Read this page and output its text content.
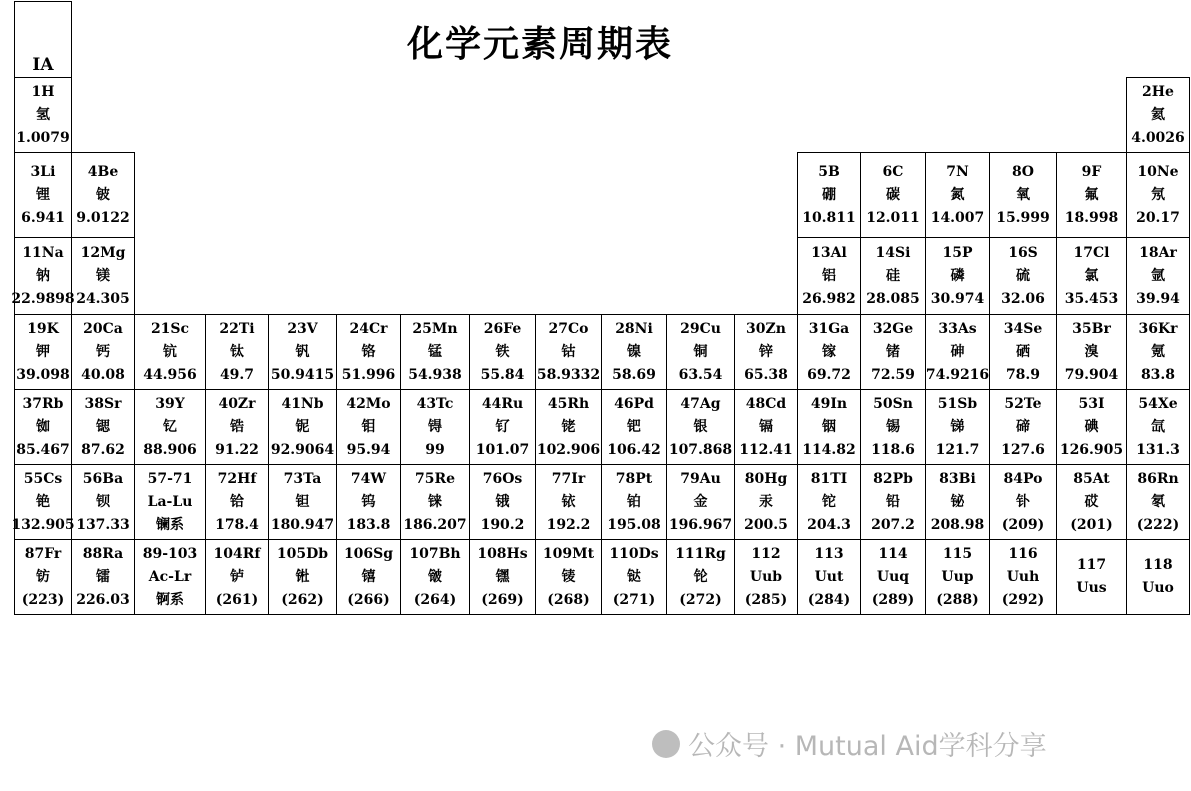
化学元素周期表
1H
氢
1.0079
2He
氦
4.0026
3Li
锂
6.941
4Be
铍
9.0122
5B
硼
10.811
6C
碳
12.011
7N
氮
14.007
8O
氧
15.999
9F
氟
18.998
10Ne
氖
20.17
11Na
钠
22.9898
12Mg
镁
24.305
13Al
铝
26.982
14Si
硅
28.085
15P
磷
30.974
16S
硫
32.06
17Cl
氯
35.453
18Ar
氩
39.94
19K
钾
39.098
20Ca
钙
40.08
21Sc
钪
44.956
22Ti
钛
49.7
23V
钒
50.9415
24Cr
铬
51.996
25Mn
锰
54.938
26Fe
铁
55.84
27Co
钴
58.9332
28Ni
镍
58.69
29Cu
铜
63.54
30Zn
锌
65.38
31Ga
镓
69.72
32Ge
锗
72.59
33As
砷
74.9216
34Se
硒
78.9
35Br
溴
79.904
36Kr
氪
83.8
37Rb
铷
85.467
38Sr
锶
87.62
39Y
钇
88.906
40Zr
锆
91.22
41Nb
铌
92.9064
42Mo
钼
95.94
43Tc
锝
99
44Ru
钌
101.07
45Rh
铑
102.906
46Pd
钯
106.42
47Ag
银
107.868
48Cd
镉
112.41
49In
铟
114.82
50Sn
锡
118.6
51Sb
锑
121.7
52Te
碲
127.6
53I
碘
126.905
54Xe
氙
131.3
55Cs
铯
132.905
56Ba
钡
137.33
57-71
La-Lu
镧系
72Hf
铪
178.4
73Ta
钽
180.947
74W
钨
183.8
75Re
铼
186.207
76Os
锇
190.2
77Ir
铱
192.2
78Pt
铂
195.08
79Au
金
196.967
80Hg
汞
200.5
81TI
铊
204.3
82Pb
铅
207.2
83Bi
铋
208.98
84Po
钋
(209)
85At
砹
(201)
86Rn
氡
(222)
87Fr
钫
(223)
88Ra
镭
226.03
89-103
Ac-Lr
锕系
104Rf
𬬻
(261)
105Db
𬭊
(262)
106Sg
𬭳
(266)
107Bh
𬭛
(264)
108Hs
𬭶
(269)
109Mt
鿏
(268)
110Ds
𫟼
(271)
111Rg
𬬭
(272)
112
Uub
(285)
113
Uut
(284)
114
Uuq
(289)
115
Uup
(288)
116
Uuh
(292)
117
Uus
118
Uuo
ⅠA
公众号 · Mutual Aid学科分享
